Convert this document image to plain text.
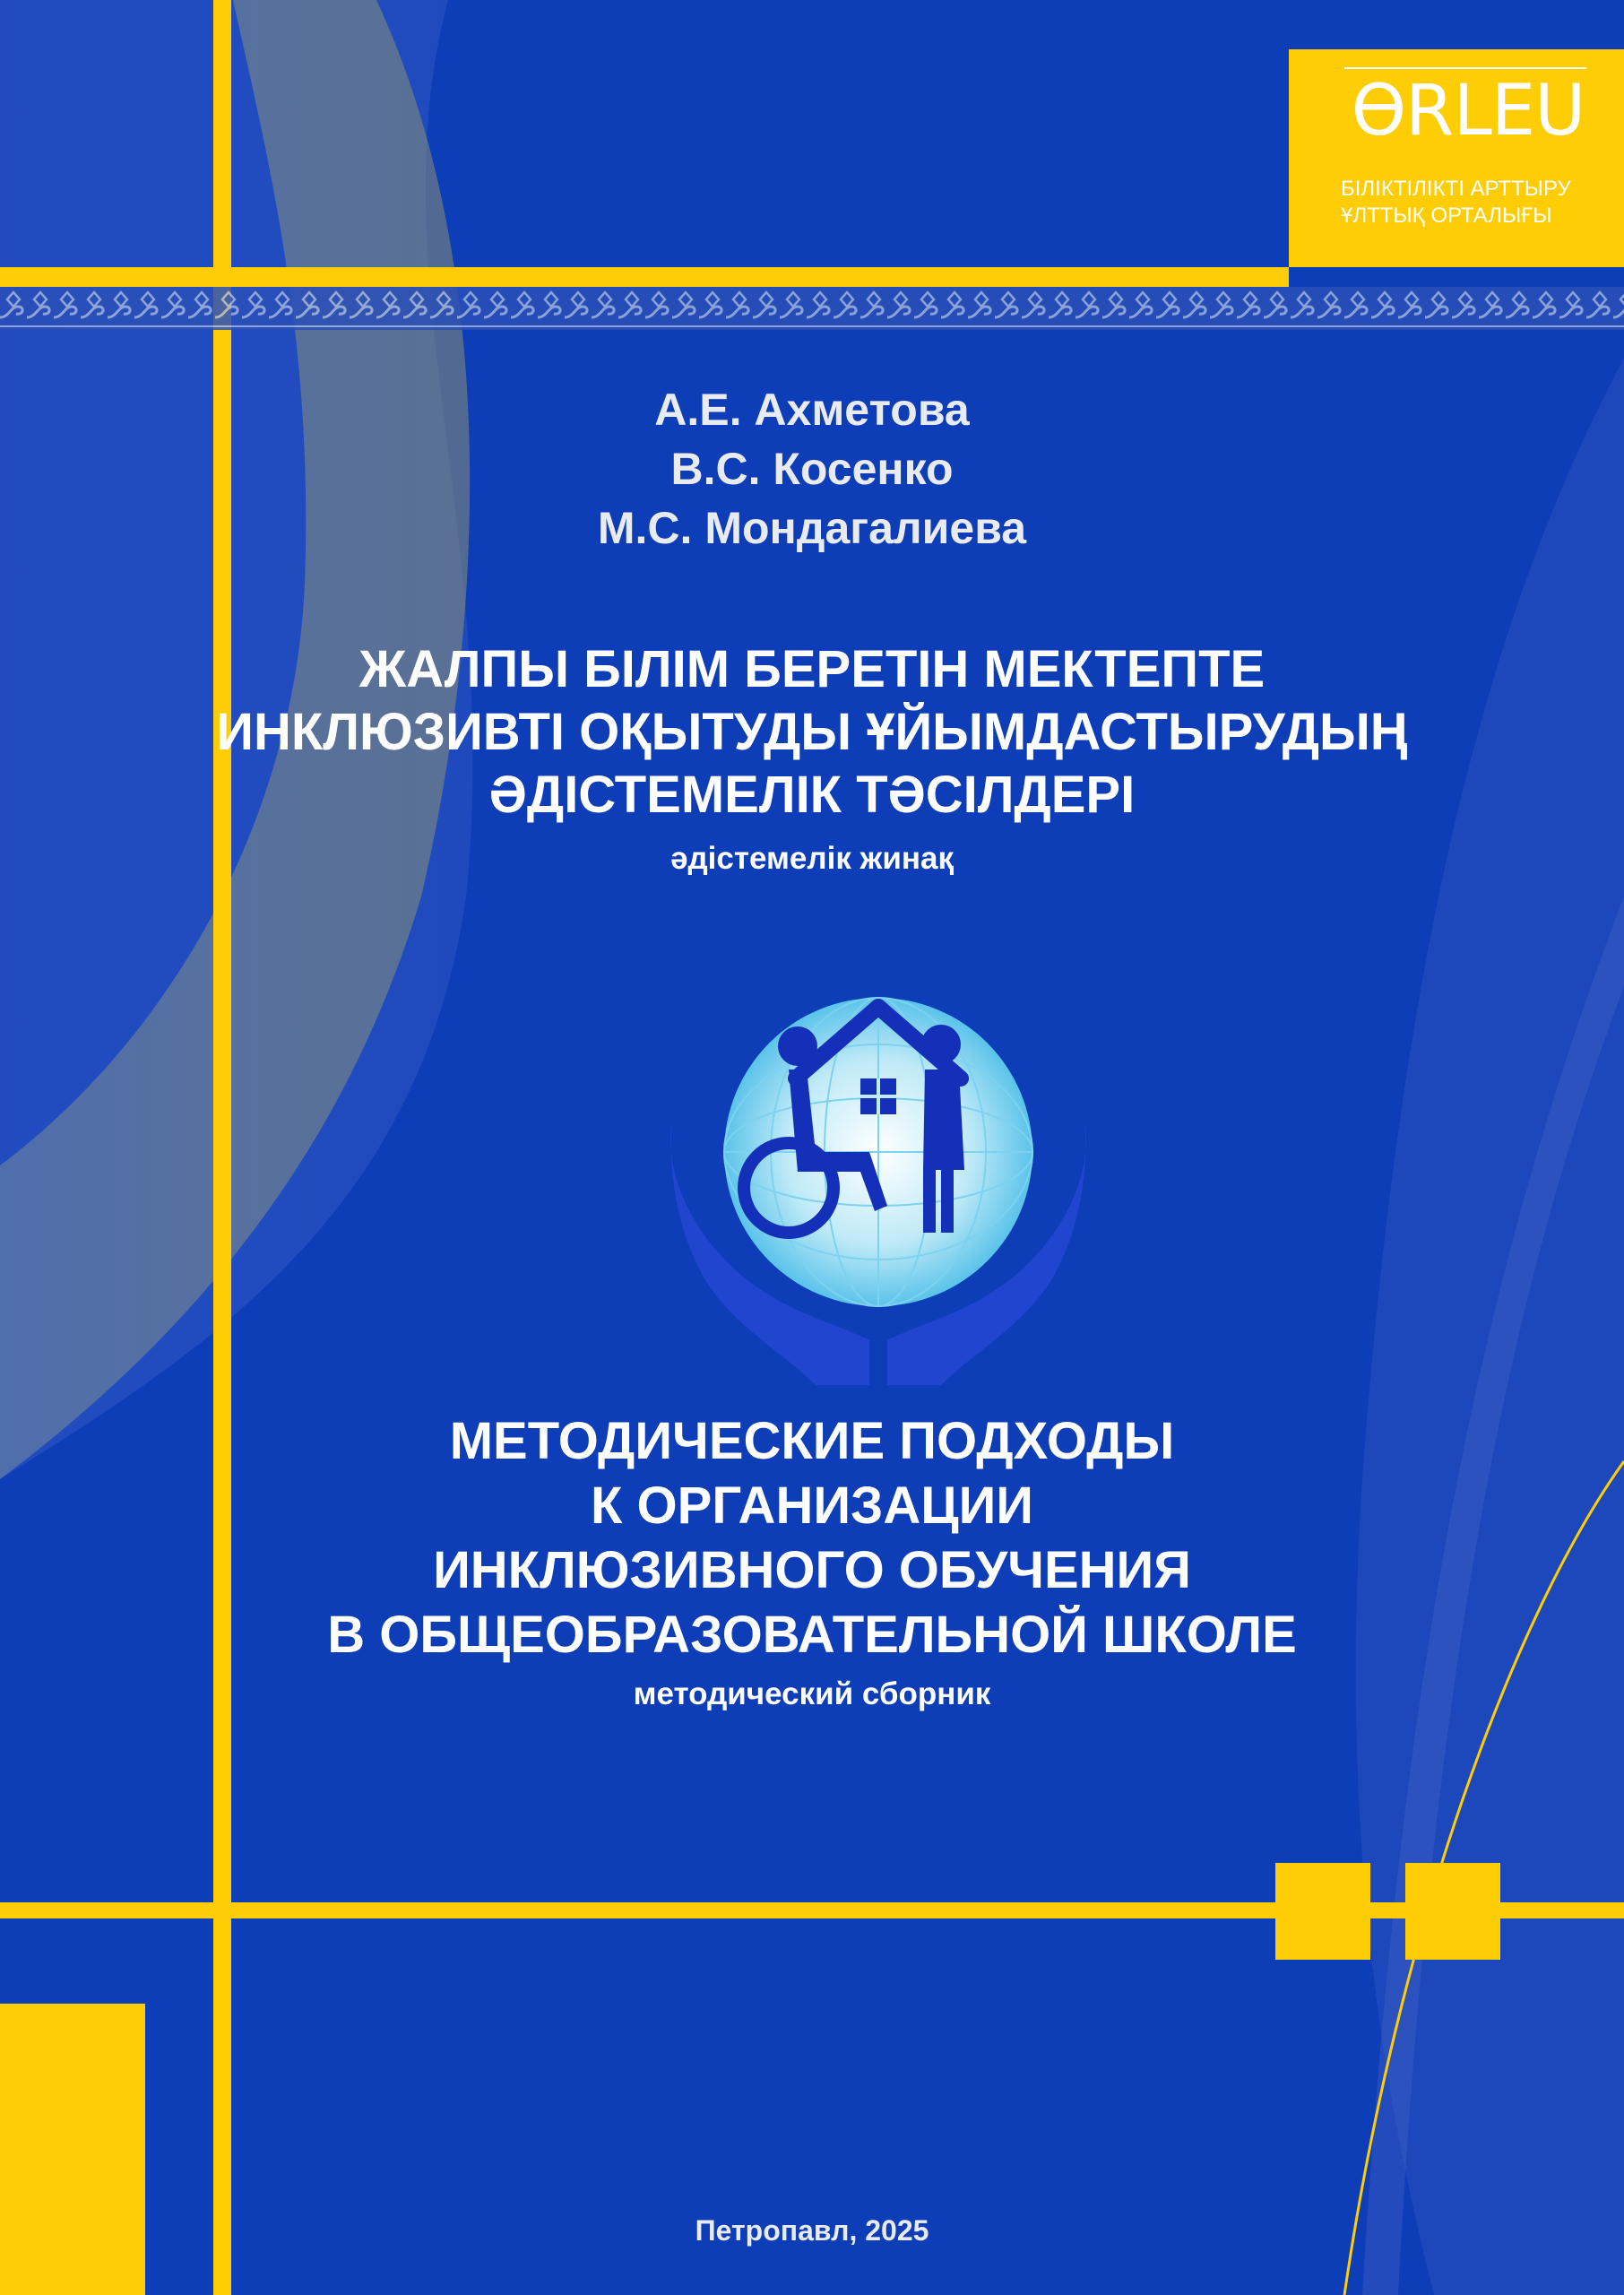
ƟRLEU
БІЛІКТІЛІКТІ АРТТЫРУ
ҰЛТТЫҚ ОРТАЛЫҒЫ
А.Е. Ахметова
В.С. Косенко
М.С. Мондагалиева
ЖАЛПЫ БІЛІМ БЕРЕТІН МЕКТЕПТЕ
ИНКЛЮЗИВТІ ОҚЫТУДЫ ҰЙЫМДАСТЫРУДЫҢ
ӘДІСТЕМЕЛІК ТӘСІЛДЕРІ
әдістемелік жинақ
МЕТОДИЧЕСКИЕ ПОДХОДЫ
К ОРГАНИЗАЦИИ
ИНКЛЮЗИВНОГО ОБУЧЕНИЯ
В ОБЩЕОБРАЗОВАТЕЛЬНОЙ ШКОЛЕ
методический сборник
Петропавл, 2025
